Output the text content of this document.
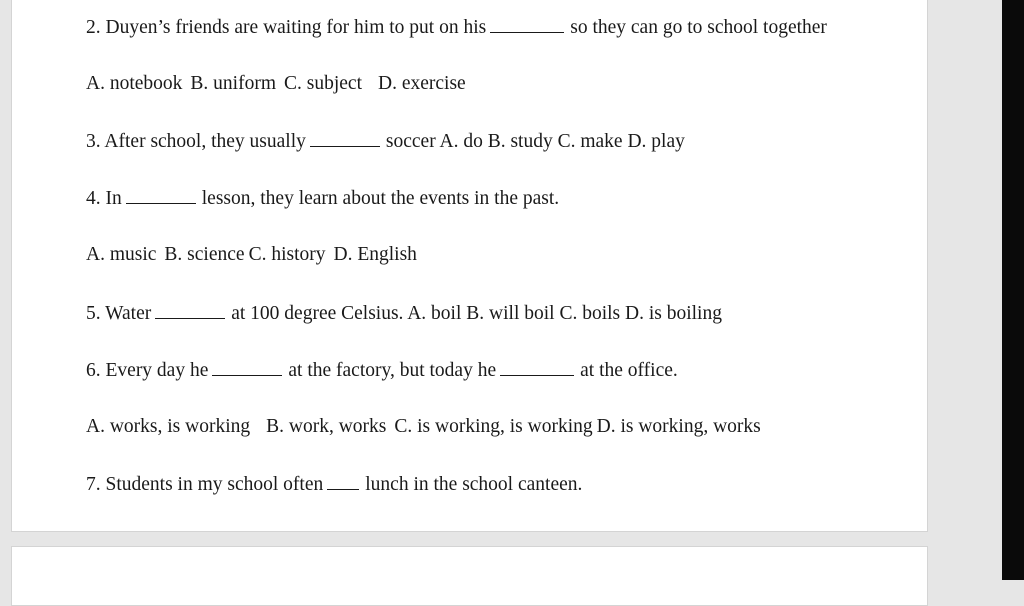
2. Duyen’s friends are waiting for him to put on his	so they can go to school together
A. notebook B. uniform C. subject D. exercise
3. After school, they usually	soccer A. do B. study C. make D. play
4. In	lesson, they learn about the events in the past.
A. music B. science C. history D. English
5. Water	at 100 degree Celsius. A. boil B. will boil C. boils D. is boiling
6. Every day he	at the factory, but today he	at the office.
A. works, is working B. work, works C. is working, is working D. is working, works
7. Students in my school often lunch in the school canteen.
